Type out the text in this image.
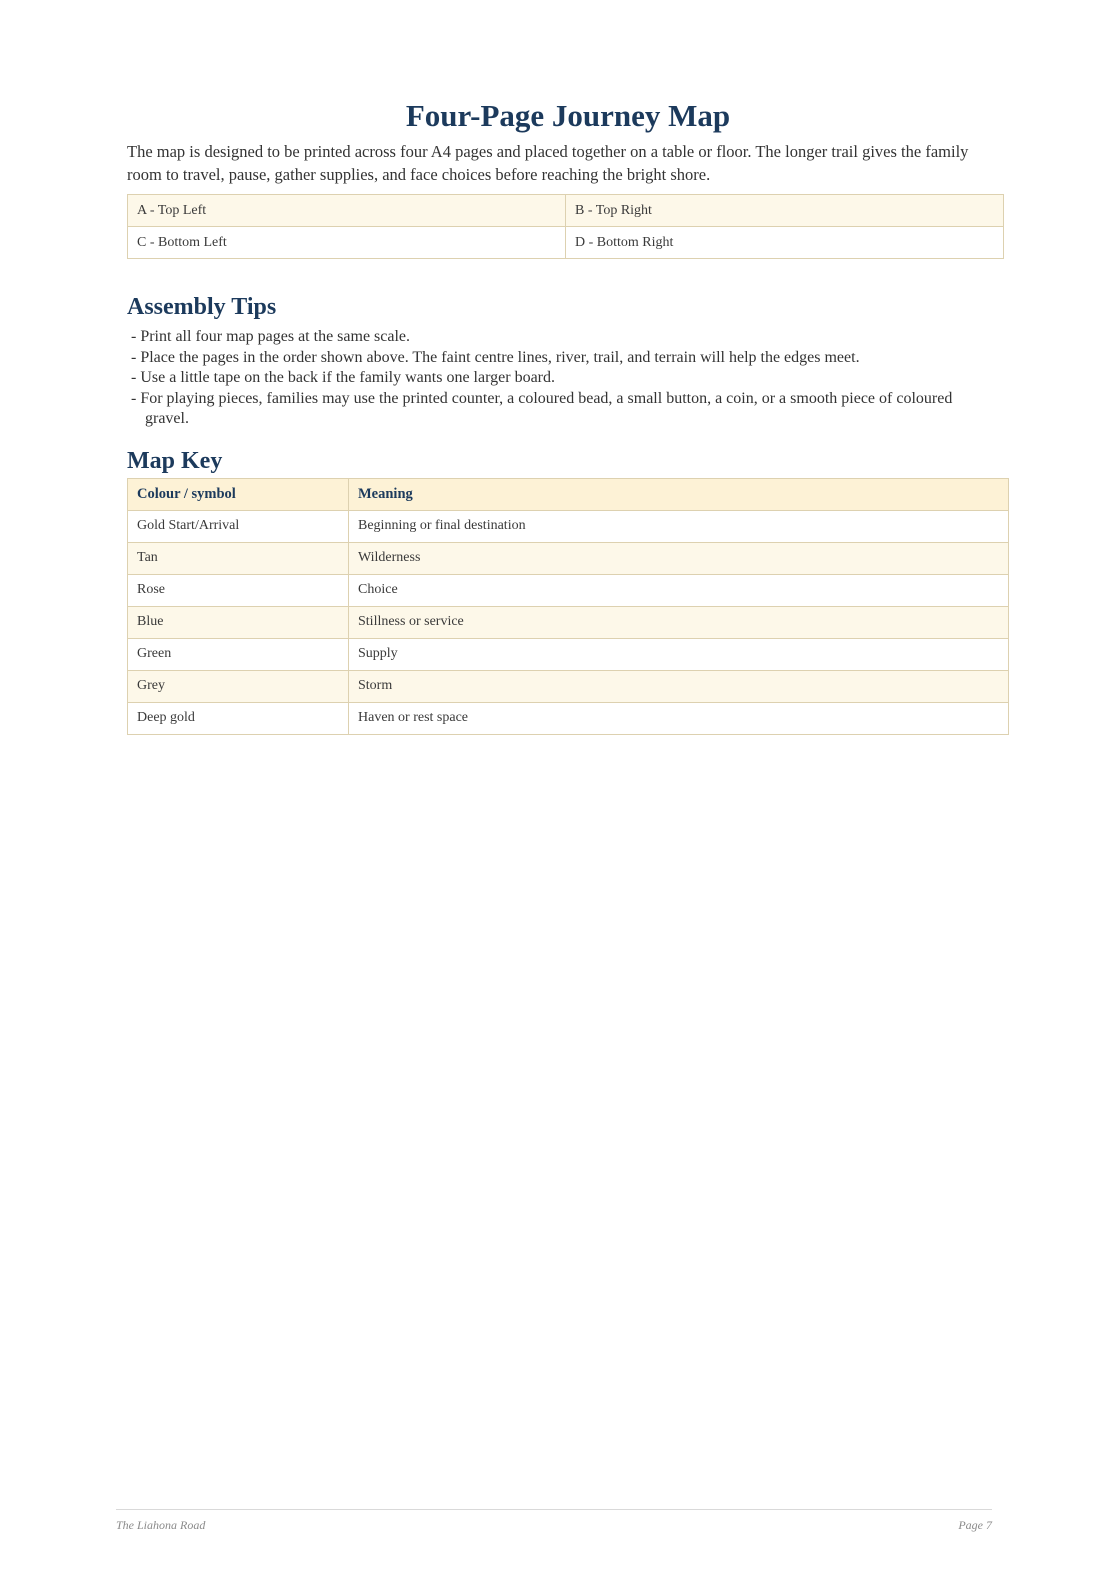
Four-Page Journey Map

The map is designed to be printed across four A4 pages and placed together on a table or floor. The longer trail gives the family room to travel, pause, gather supplies, and face choices before reaching the bright shore.

A - Top Left	B - Top Right
C - Bottom Left	D - Bottom Right
Assembly Tips
- Print all four map pages at the same scale.
- Place the pages in the order shown above. The faint centre lines, river, trail, and terrain will help the edges meet.
- Use a little tape on the back if the family wants one larger board.
- For playing pieces, families may use the printed counter, a coloured bead, a small button, a coin, or a smooth piece of coloured gravel.
Map Key
Colour / symbol	Meaning
Gold Start/Arrival	Beginning or final destination
Tan	Wilderness
Rose	Choice
Blue	Stillness or service
Green	Supply
Grey	Storm
Deep gold	Haven or rest space
The Liahona Road	Page 7
